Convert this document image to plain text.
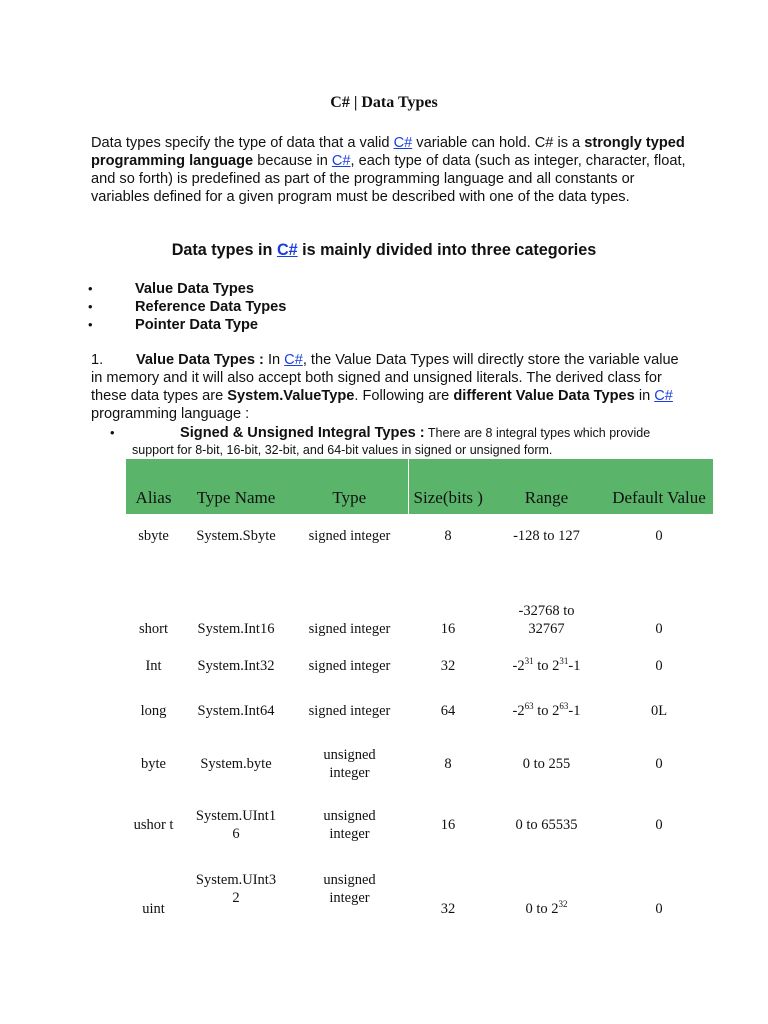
C# | Data Types
Data types specify the type of data that a valid C# variable can hold. C# is a strongly typed programming language because in C#, each type of data (such as integer, character, float, and so forth) is predefined as part of the programming language and all constants or variables defined for a given program must be described with one of the data types.
Data types in C# is mainly divided into three categories
•	Value Data Types
•	Reference Data Types
•	Pointer Data Type
1. Value Data Types : In C#, the Value Data Types will directly store the variable value in memory and it will also accept both signed and unsigned literals. The derived class for these data types are System.ValueType. Following are different Value Data Types in C# programming language :
•	Signed & Unsigned Integral Types : There are 8 integral types which provide
support for 8-bit, 16-bit, 32-bit, and 64-bit values in signed or unsigned form.
Alias	Type Name	Type	Size(bits )	Range	Default Value
sbyte	System.Sbyte	signed integer	8	-128 to 127	0
short	System.Int16	signed integer	16	-32768 to 32767	0
Int	System.Int32	signed integer	32	$-2^{31}$ to $2^{31}-1$	0
long	System.Int64	signed integer	64	$-2^{63}$ to $2^{63}-1$	0L
byte	System.byte	unsigned integer	8	0 to 255	0
ushor t	System.UInt1 6	unsigned integer	16	0 to 65535	0
uint	System.UInt3 2	unsigned integer	32	0 to $2^{32}$	0
